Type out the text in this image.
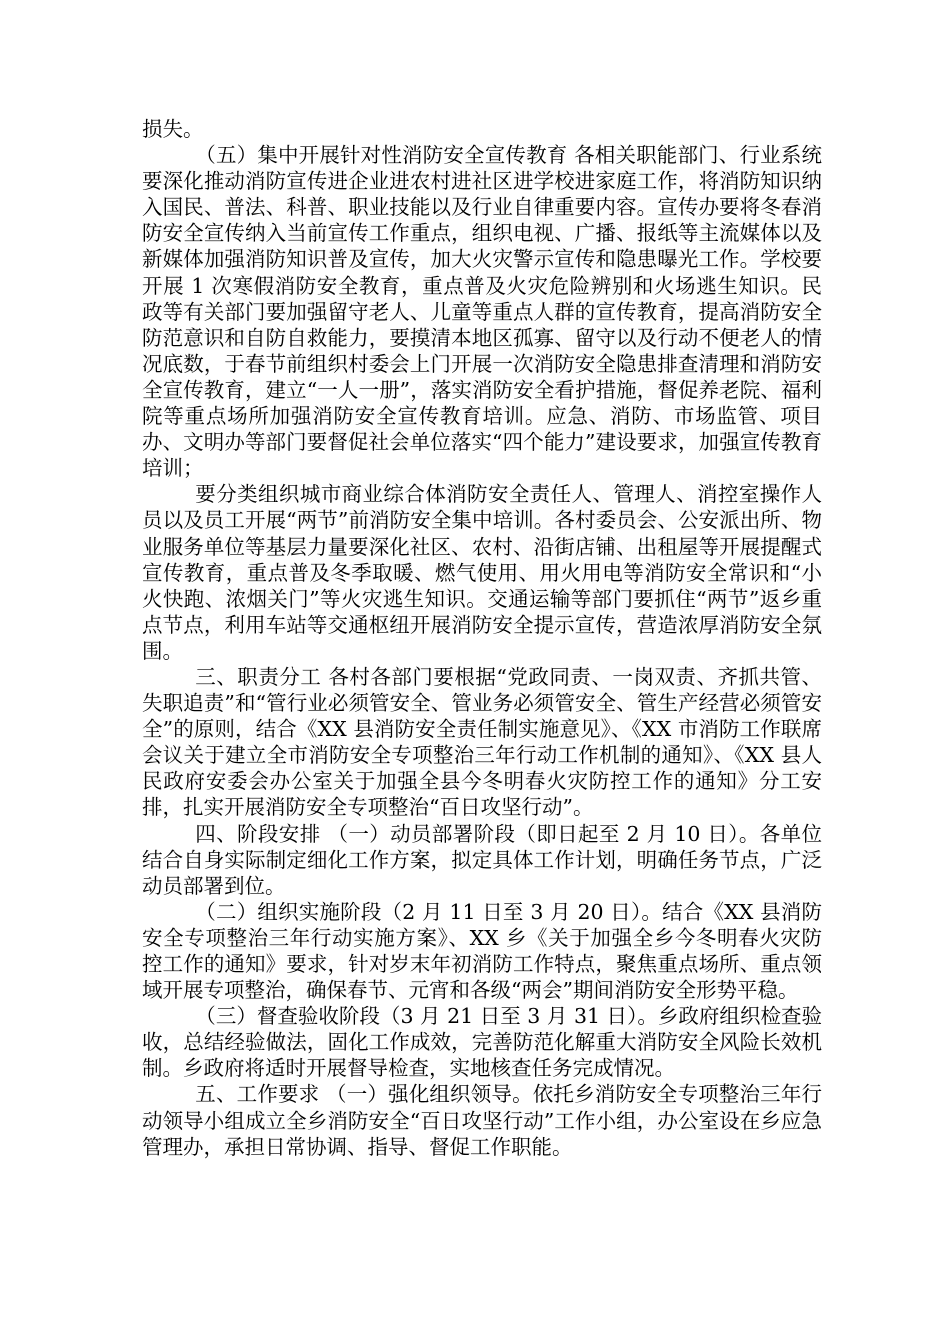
损失。

（五）集中开展针对性消防安全宣传教育 各相关职能部门、行业系统要深化推动消防宣传进企业进农村进社区进学校进家庭工作，将消防知识纳入国民、普法、科普、职业技能以及行业自律重要内容。宣传办要将冬春消防安全宣传纳入当前宣传工作重点，组织电视、广播、报纸等主流媒体以及新媒体加强消防知识普及宣传，加大火灾警示宣传和隐患曝光工作。学校要开展 1 次寒假消防安全教育，重点普及火灾危险辨别和火场逃生知识。民政等有关部门要加强留守老人、儿童等重点人群的宣传教育，提高消防安全防范意识和自防自救能力，要摸清本地区孤寡、留守以及行动不便老人的情况底数，于春节前组织村委会上门开展一次消防安全隐患排查清理和消防安全宣传教育，建立“一人一册”，落实消防安全看护措施，督促养老院、福利院等重点场所加强消防安全宣传教育培训。应急、消防、市场监管、项目办、文明办等部门要督促社会单位落实“四个能力”建设要求，加强宣传教育培训；

要分类组织城市商业综合体消防安全责任人、管理人、消控室操作人员以及员工开展“两节”前消防安全集中培训。各村委员会、公安派出所、物业服务单位等基层力量要深化社区、农村、沿街店铺、出租屋等开展提醒式宣传教育，重点普及冬季取暖、燃气使用、用火用电等消防安全常识和“小火快跑、浓烟关门”等火灾逃生知识。交通运输等部门要抓住“两节”返乡重点节点，利用车站等交通枢纽开展消防安全提示宣传，营造浓厚消防安全氛围。

三、职责分工 各村各部门要根据“党政同责、一岗双责、齐抓共管、失职追责”和“管行业必须管安全、管业务必须管安全、管生产经营必须管安全”的原则，结合《XX 县消防安全责任制实施意见》、《XX 市消防工作联席会议关于建立全市消防安全专项整治三年行动工作机制的通知》、《XX 县人民政府安委会办公室关于加强全县今冬明春火灾防控工作的通知》分工安排，扎实开展消防安全专项整治“百日攻坚行动”。

四、阶段安排 （一）动员部署阶段（即日起至 2 月 10 日）。各单位结合自身实际制定细化工作方案，拟定具体工作计划，明确任务节点，广泛动员部署到位。

（二）组织实施阶段（2 月 11 日至 3 月 20 日）。结合《XX 县消防安全专项整治三年行动实施方案》、XX 乡《关于加强全乡今冬明春火灾防控工作的通知》要求，针对岁末年初消防工作特点，聚焦重点场所、重点领域开展专项整治，确保春节、元宵和各级“两会”期间消防安全形势平稳。

（三）督查验收阶段（3 月 21 日至 3 月 31 日）。乡政府组织检查验收，总结经验做法，固化工作成效，完善防范化解重大消防安全风险长效机制。乡政府将适时开展督导检查，实地核查任务完成情况。

五、工作要求 （一）强化组织领导。依托乡消防安全专项整治三年行动领导小组成立全乡消防安全“百日攻坚行动”工作小组，办公室设在乡应急管理办，承担日常协调、指导、督促工作职能。
